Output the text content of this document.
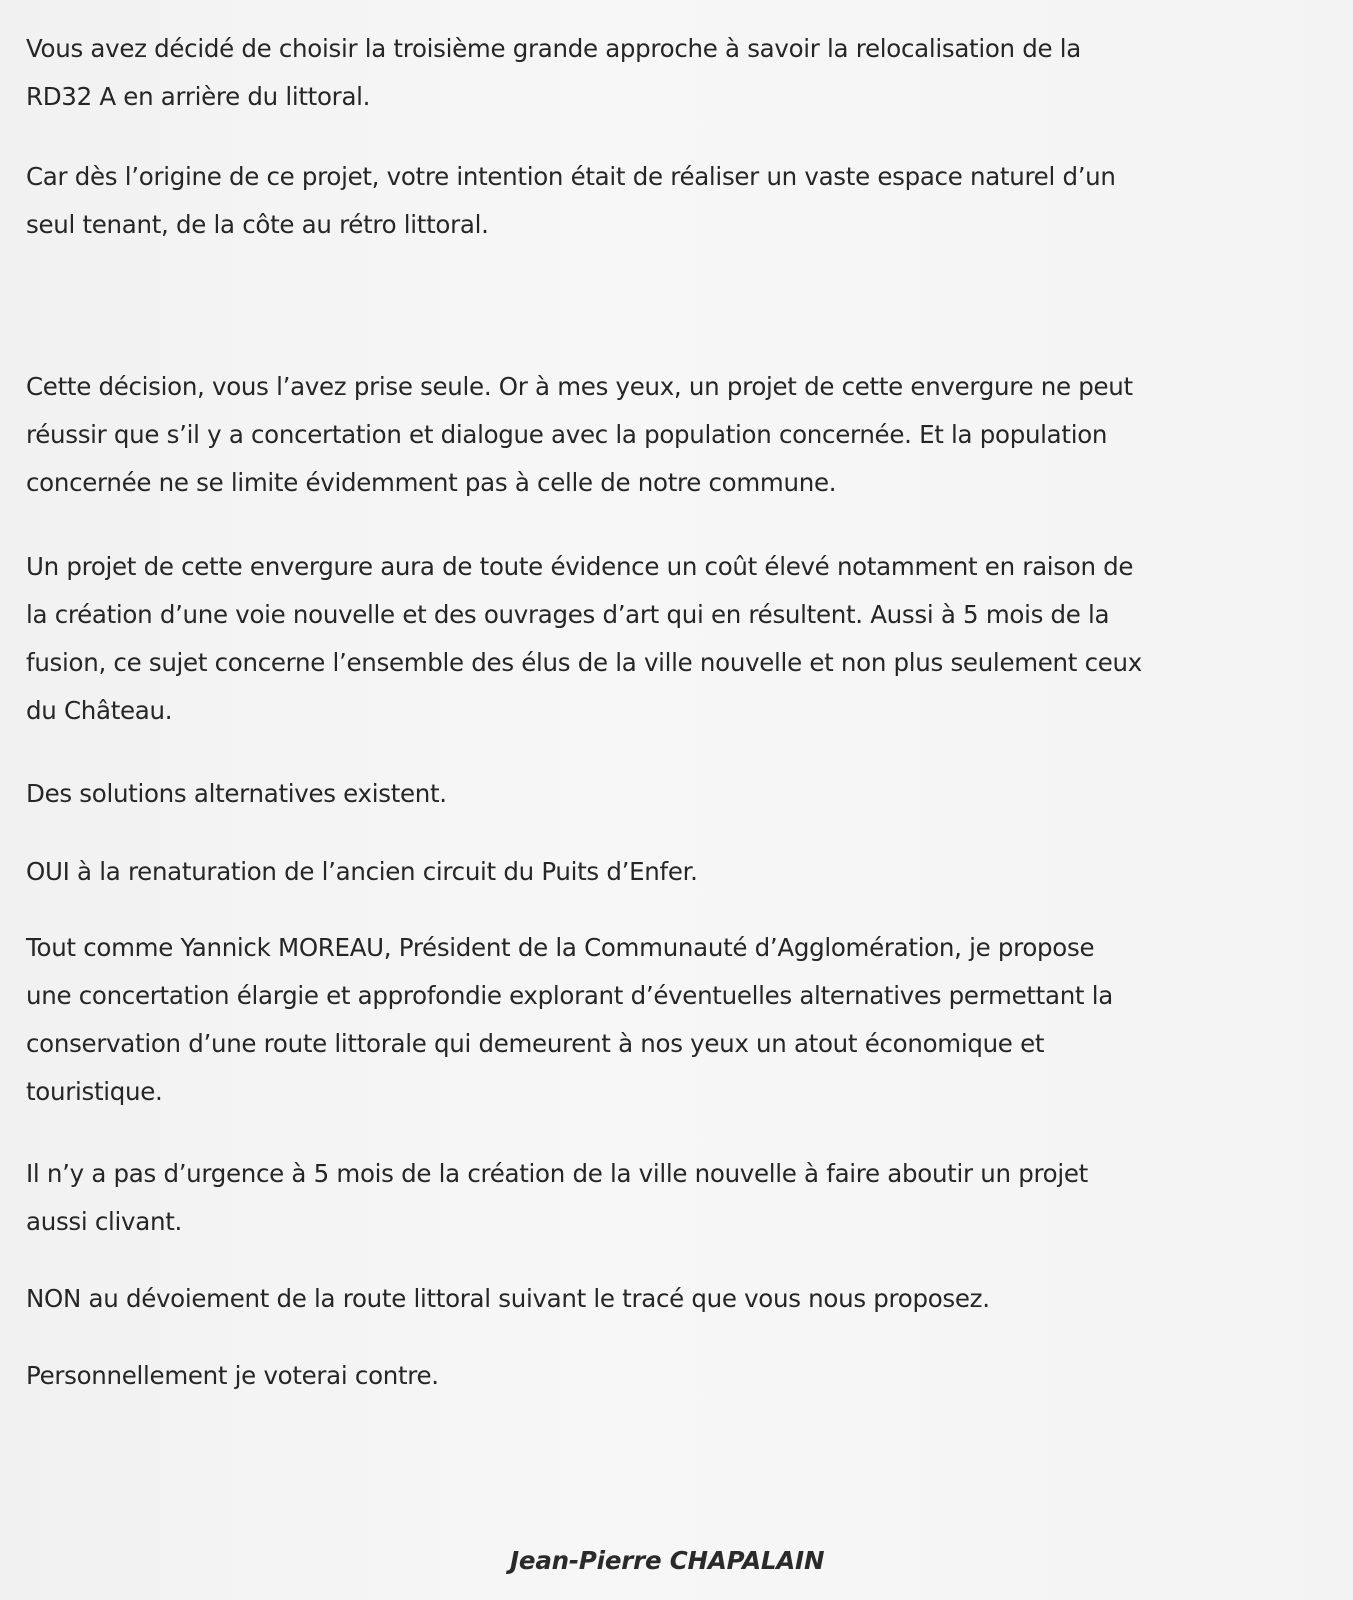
Vous avez décidé de choisir la troisième grande approche à savoir la relocalisation de la
RD32 A en arrière du littoral.

Car dès l’origine de ce projet, votre intention était de réaliser un vaste espace naturel d’un
seul tenant, de la côte au rétro littoral.

Cette décision, vous l’avez prise seule. Or à mes yeux, un projet de cette envergure ne peut
réussir que s’il y a concertation et dialogue avec la population concernée. Et la population
concernée ne se limite évidemment pas à celle de notre commune.

Un projet de cette envergure aura de toute évidence un coût élevé notamment en raison de
la création d’une voie nouvelle et des ouvrages d’art qui en résultent. Aussi à 5 mois de la
fusion, ce sujet concerne l’ensemble des élus de la ville nouvelle et non plus seulement ceux
du Château.

Des solutions alternatives existent.

OUI à la renaturation de l’ancien circuit du Puits d’Enfer.

Tout comme Yannick MOREAU, Président de la Communauté d’Agglomération, je propose
une concertation élargie et approfondie explorant d’éventuelles alternatives permettant la
conservation d’une route littorale qui demeurent à nos yeux un atout économique et
touristique.

Il n’y a pas d’urgence à 5 mois de la création de la ville nouvelle à faire aboutir un projet
aussi clivant.

NON au dévoiement de la route littoral suivant le tracé que vous nous proposez.

Personnellement je voterai contre.

Jean-Pierre CHAPALAIN
